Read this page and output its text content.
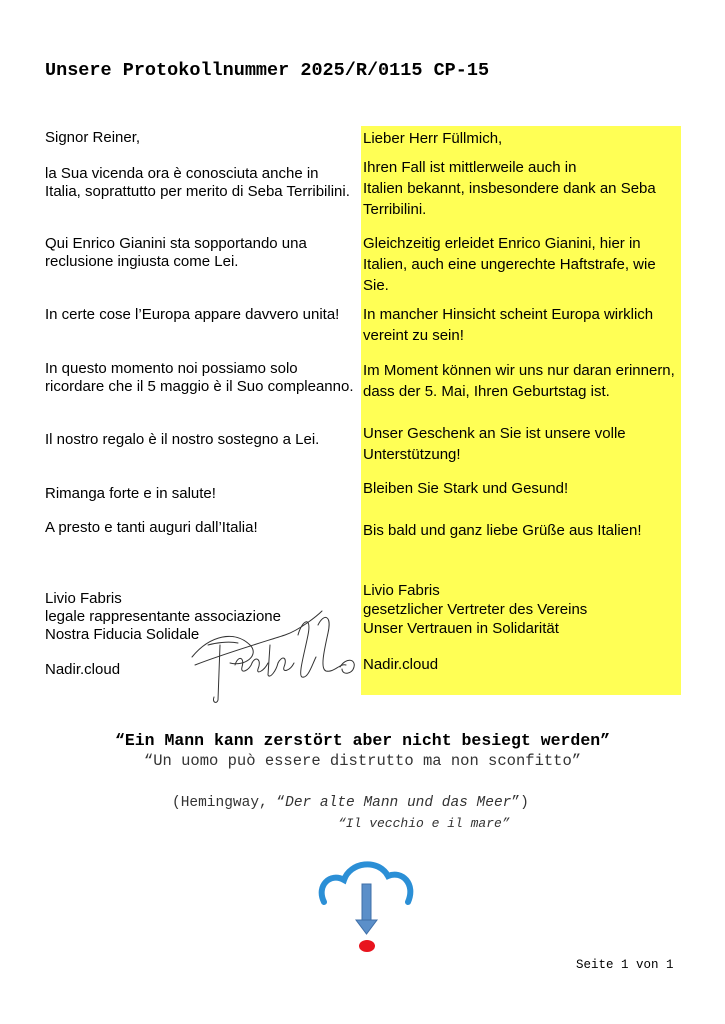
Unsere Protokollnummer 2025/R/0115 CP-15
Signor Reiner,
la Sua vicenda ora è conosciuta anche in Italia, soprattutto per merito di Seba Terribilini.
Qui Enrico Gianini sta sopportando una reclusione ingiusta come Lei.
In certe cose l’Europa appare davvero unita!
In questo momento noi possiamo solo ricordare che il 5 maggio è il Suo compleanno.
Il nostro regalo è il nostro sostegno a Lei.
Rimanga forte e in salute!
A presto e tanti auguri dall’Italia!
Livio Fabris
legale rappresentante associazione
Nostra Fiducia Solidale
Nadir.cloud
Lieber Herr Füllmich,
Ihren Fall ist mittlerweile auch in
Italien bekannt, insbesondere dank an Seba Terribilini.
Gleichzeitig erleidet Enrico Gianini, hier in Italien, auch eine ungerechte Haftstrafe, wie Sie.
In mancher Hinsicht scheint Europa wirklich vereint zu sein!
Im Moment können wir uns nur daran erinnern, dass der 5. Mai, Ihren Geburtstag ist.
Unser Geschenk an Sie ist unsere volle Unterstützung!
Bleiben Sie Stark und Gesund!
Bis bald und ganz liebe Grüße aus Italien!
Livio Fabris
gesetzlicher Vertreter des Vereins
Unser Vertrauen in Solidarität
Nadir.cloud
“Ein Mann kann zerstört aber nicht besiegt werden”
“Un uomo può essere distrutto ma non sconfitto”
(Hemingway, “Der alte Mann und das Meer”)
“Il vecchio e il mare”
Seite 1 von 1
